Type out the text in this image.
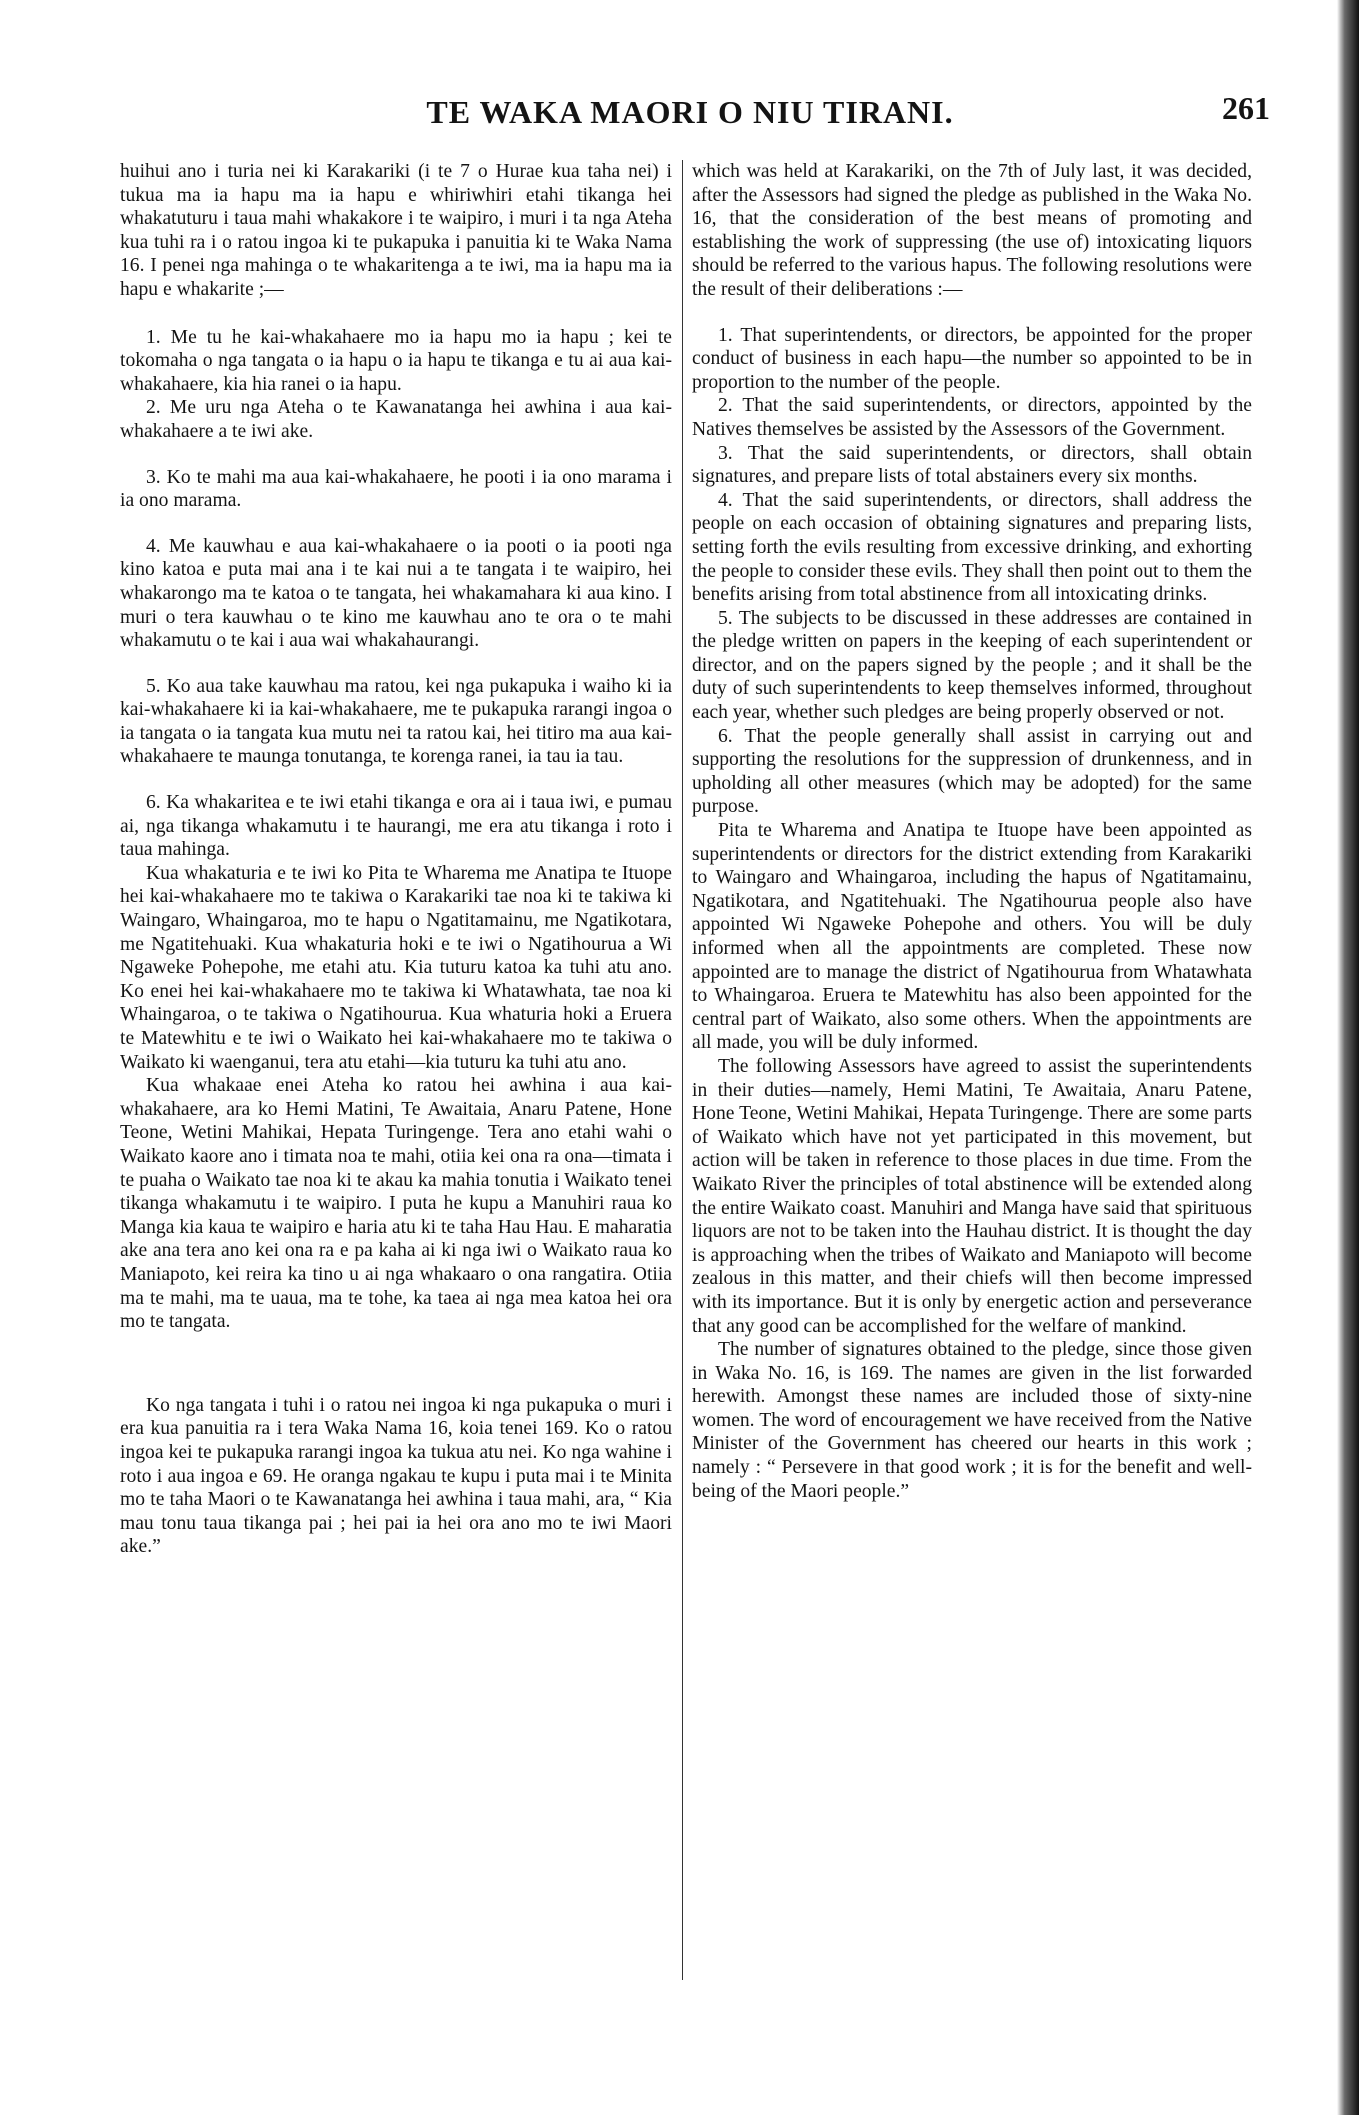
TE WAKA MAORI O NIU TIRANI.	261

huihui ano i turia nei ki Karakariki (i te 7 o Hurae kua taha nei) i tukua ma ia hapu ma ia hapu e whiriwhiri etahi tikanga hei whakatuturu i taua mahi whakakore i te waipiro, i muri i ta nga Ateha kua tuhi ra i o ratou ingoa ki te pukapuka i panuitia ki te Waka Nama 16. I penei nga mahinga o te whakaritenga a te iwi, ma ia hapu ma ia hapu e whakarite ;—

1. Me tu he kai-whakahaere mo ia hapu mo ia hapu ; kei te tokomaha o nga tangata o ia hapu o ia hapu te tikanga e tu ai aua kai-whakahaere, kia hia ranei o ia hapu.

2. Me uru nga Ateha o te Kawanatanga hei awhina i aua kai-whakahaere a te iwi ake.

3. Ko te mahi ma aua kai-whakahaere, he pooti i ia ono marama i ia ono marama.

4. Me kauwhau e aua kai-whakahaere o ia pooti o ia pooti nga kino katoa e puta mai ana i te kai nui a te tangata i te waipiro, hei whakarongo ma te katoa o te tangata, hei whakamahara ki aua kino. I muri o tera kauwhau o te kino me kauwhau ano te ora o te mahi whakamutu o te kai i aua wai whakahaurangi.

5. Ko aua take kauwhau ma ratou, kei nga pukapuka i waiho ki ia kai-whakahaere ki ia kai-whakahaere, me te pukapuka rarangi ingoa o ia tangata o ia tangata kua mutu nei ta ratou kai, hei titiro ma aua kai-whakahaere te maunga tonutanga, te korenga ranei, ia tau ia tau.

6. Ka whakaritea e te iwi etahi tikanga e ora ai i taua iwi, e pumau ai, nga tikanga whakamutu i te haurangi, me era atu tikanga i roto i taua mahinga.

Kua whakaturia e te iwi ko Pita te Wharema me Anatipa te Ituope hei kai-whakahaere mo te takiwa o Karakariki tae noa ki te takiwa ki Waingaro, Whaingaroa, mo te hapu o Ngatitamainu, me Ngatikotara, me Ngatitehuaki. Kua whakaturia hoki e te iwi o Ngatihourua a Wi Ngaweke Pohepohe, me etahi atu. Kia tuturu katoa ka tuhi atu ano. Ko enei hei kai-whakahaere mo te takiwa ki Whatawhata, tae noa ki Whaingaroa, o te takiwa o Ngatihourua. Kua whaturia hoki a Eruera te Matewhitu e te iwi o Waikato hei kai-whakahaere mo te takiwa o Waikato ki waenganui, tera atu etahi—kia tuturu ka tuhi atu ano.

Kua whakaae enei Ateha ko ratou hei awhina i aua kai-whakahaere, ara ko Hemi Matini, Te Awaitaia, Anaru Patene, Hone Teone, Wetini Mahikai, Hepata Turingenge. Tera ano etahi wahi o Waikato kaore ano i timata noa te mahi, otiia kei ona ra ona—timata i te puaha o Waikato tae noa ki te akau ka mahia tonutia i Waikato tenei tikanga whakamutu i te waipiro. I puta he kupu a Manuhiri raua ko Manga kia kaua te waipiro e haria atu ki te taha Hau Hau. E maharatia ake ana tera ano kei ona ra e pa kaha ai ki nga iwi o Waikato raua ko Maniapoto, kei reira ka tino u ai nga whakaaro o ona rangatira. Otiia ma te mahi, ma te uaua, ma te tohe, ka taea ai nga mea katoa hei ora mo te tangata.

Ko nga tangata i tuhi i o ratou nei ingoa ki nga pukapuka o muri i era kua panuitia ra i tera Waka Nama 16, koia tenei 169. Ko o ratou ingoa kei te pukapuka rarangi ingoa ka tukua atu nei. Ko nga wahine i roto i aua ingoa e 69. He oranga ngakau te kupu i puta mai i te Minita mo te taha Maori o te Kawanatanga hei awhina i taua mahi, ara, “ Kia mau tonu taua tikanga pai ; hei pai ia hei ora ano mo te iwi Maori ake.”

which was held at Karakariki, on the 7th of July last, it was decided, after the Assessors had signed the pledge as published in the Waka No. 16, that the consideration of the best means of promoting and establishing the work of suppressing (the use of) intoxicating liquors should be referred to the various hapus. The following resolutions were the result of their deliberations :—

1. That superintendents, or directors, be appointed for the proper conduct of business in each hapu—the number so appointed to be in proportion to the number of the people.

2. That the said superintendents, or directors, appointed by the Natives themselves be assisted by the Assessors of the Government.

3. That the said superintendents, or directors, shall obtain signatures, and prepare lists of total abstainers every six months.

4. That the said superintendents, or directors, shall address the people on each occasion of obtaining signatures and preparing lists, setting forth the evils resulting from excessive drinking, and exhorting the people to consider these evils. They shall then point out to them the benefits arising from total abstinence from all intoxicating drinks.

5. The subjects to be discussed in these addresses are contained in the pledge written on papers in the keeping of each superintendent or director, and on the papers signed by the people ; and it shall be the duty of such superintendents to keep themselves informed, throughout each year, whether such pledges are being properly observed or not.

6. That the people generally shall assist in carrying out and supporting the resolutions for the suppression of drunkenness, and in upholding all other measures (which may be adopted) for the same purpose.

Pita te Wharema and Anatipa te Ituope have been appointed as superintendents or directors for the district extending from Karakariki to Waingaro and Whaingaroa, including the hapus of Ngatitamainu, Ngatikotara, and Ngatitehuaki. The Ngatihourua people also have appointed Wi Ngaweke Pohepohe and others. You will be duly informed when all the appointments are completed. These now appointed are to manage the district of Ngatihourua from Whatawhata to Whaingaroa. Eruera te Matewhitu has also been appointed for the central part of Waikato, also some others. When the appointments are all made, you will be duly informed.

The following Assessors have agreed to assist the superintendents in their duties—namely, Hemi Matini, Te Awaitaia, Anaru Patene, Hone Teone, Wetini Mahikai, Hepata Turingenge. There are some parts of Waikato which have not yet participated in this movement, but action will be taken in reference to those places in due time. From the Waikato River the principles of total abstinence will be extended along the entire Waikato coast. Manuhiri and Manga have said that spirituous liquors are not to be taken into the Hauhau district. It is thought the day is approaching when the tribes of Waikato and Maniapoto will become zealous in this matter, and their chiefs will then become impressed with its importance. But it is only by energetic action and perseverance that any good can be accomplished for the welfare of mankind.

The number of signatures obtained to the pledge, since those given in Waka No. 16, is 169. The names are given in the list forwarded herewith. Amongst these names are included those of sixty-nine women. The word of encouragement we have received from the Native Minister of the Government has cheered our hearts in this work ; namely : “ Persevere in that good work ; it is for the benefit and well-being of the Maori people.”
